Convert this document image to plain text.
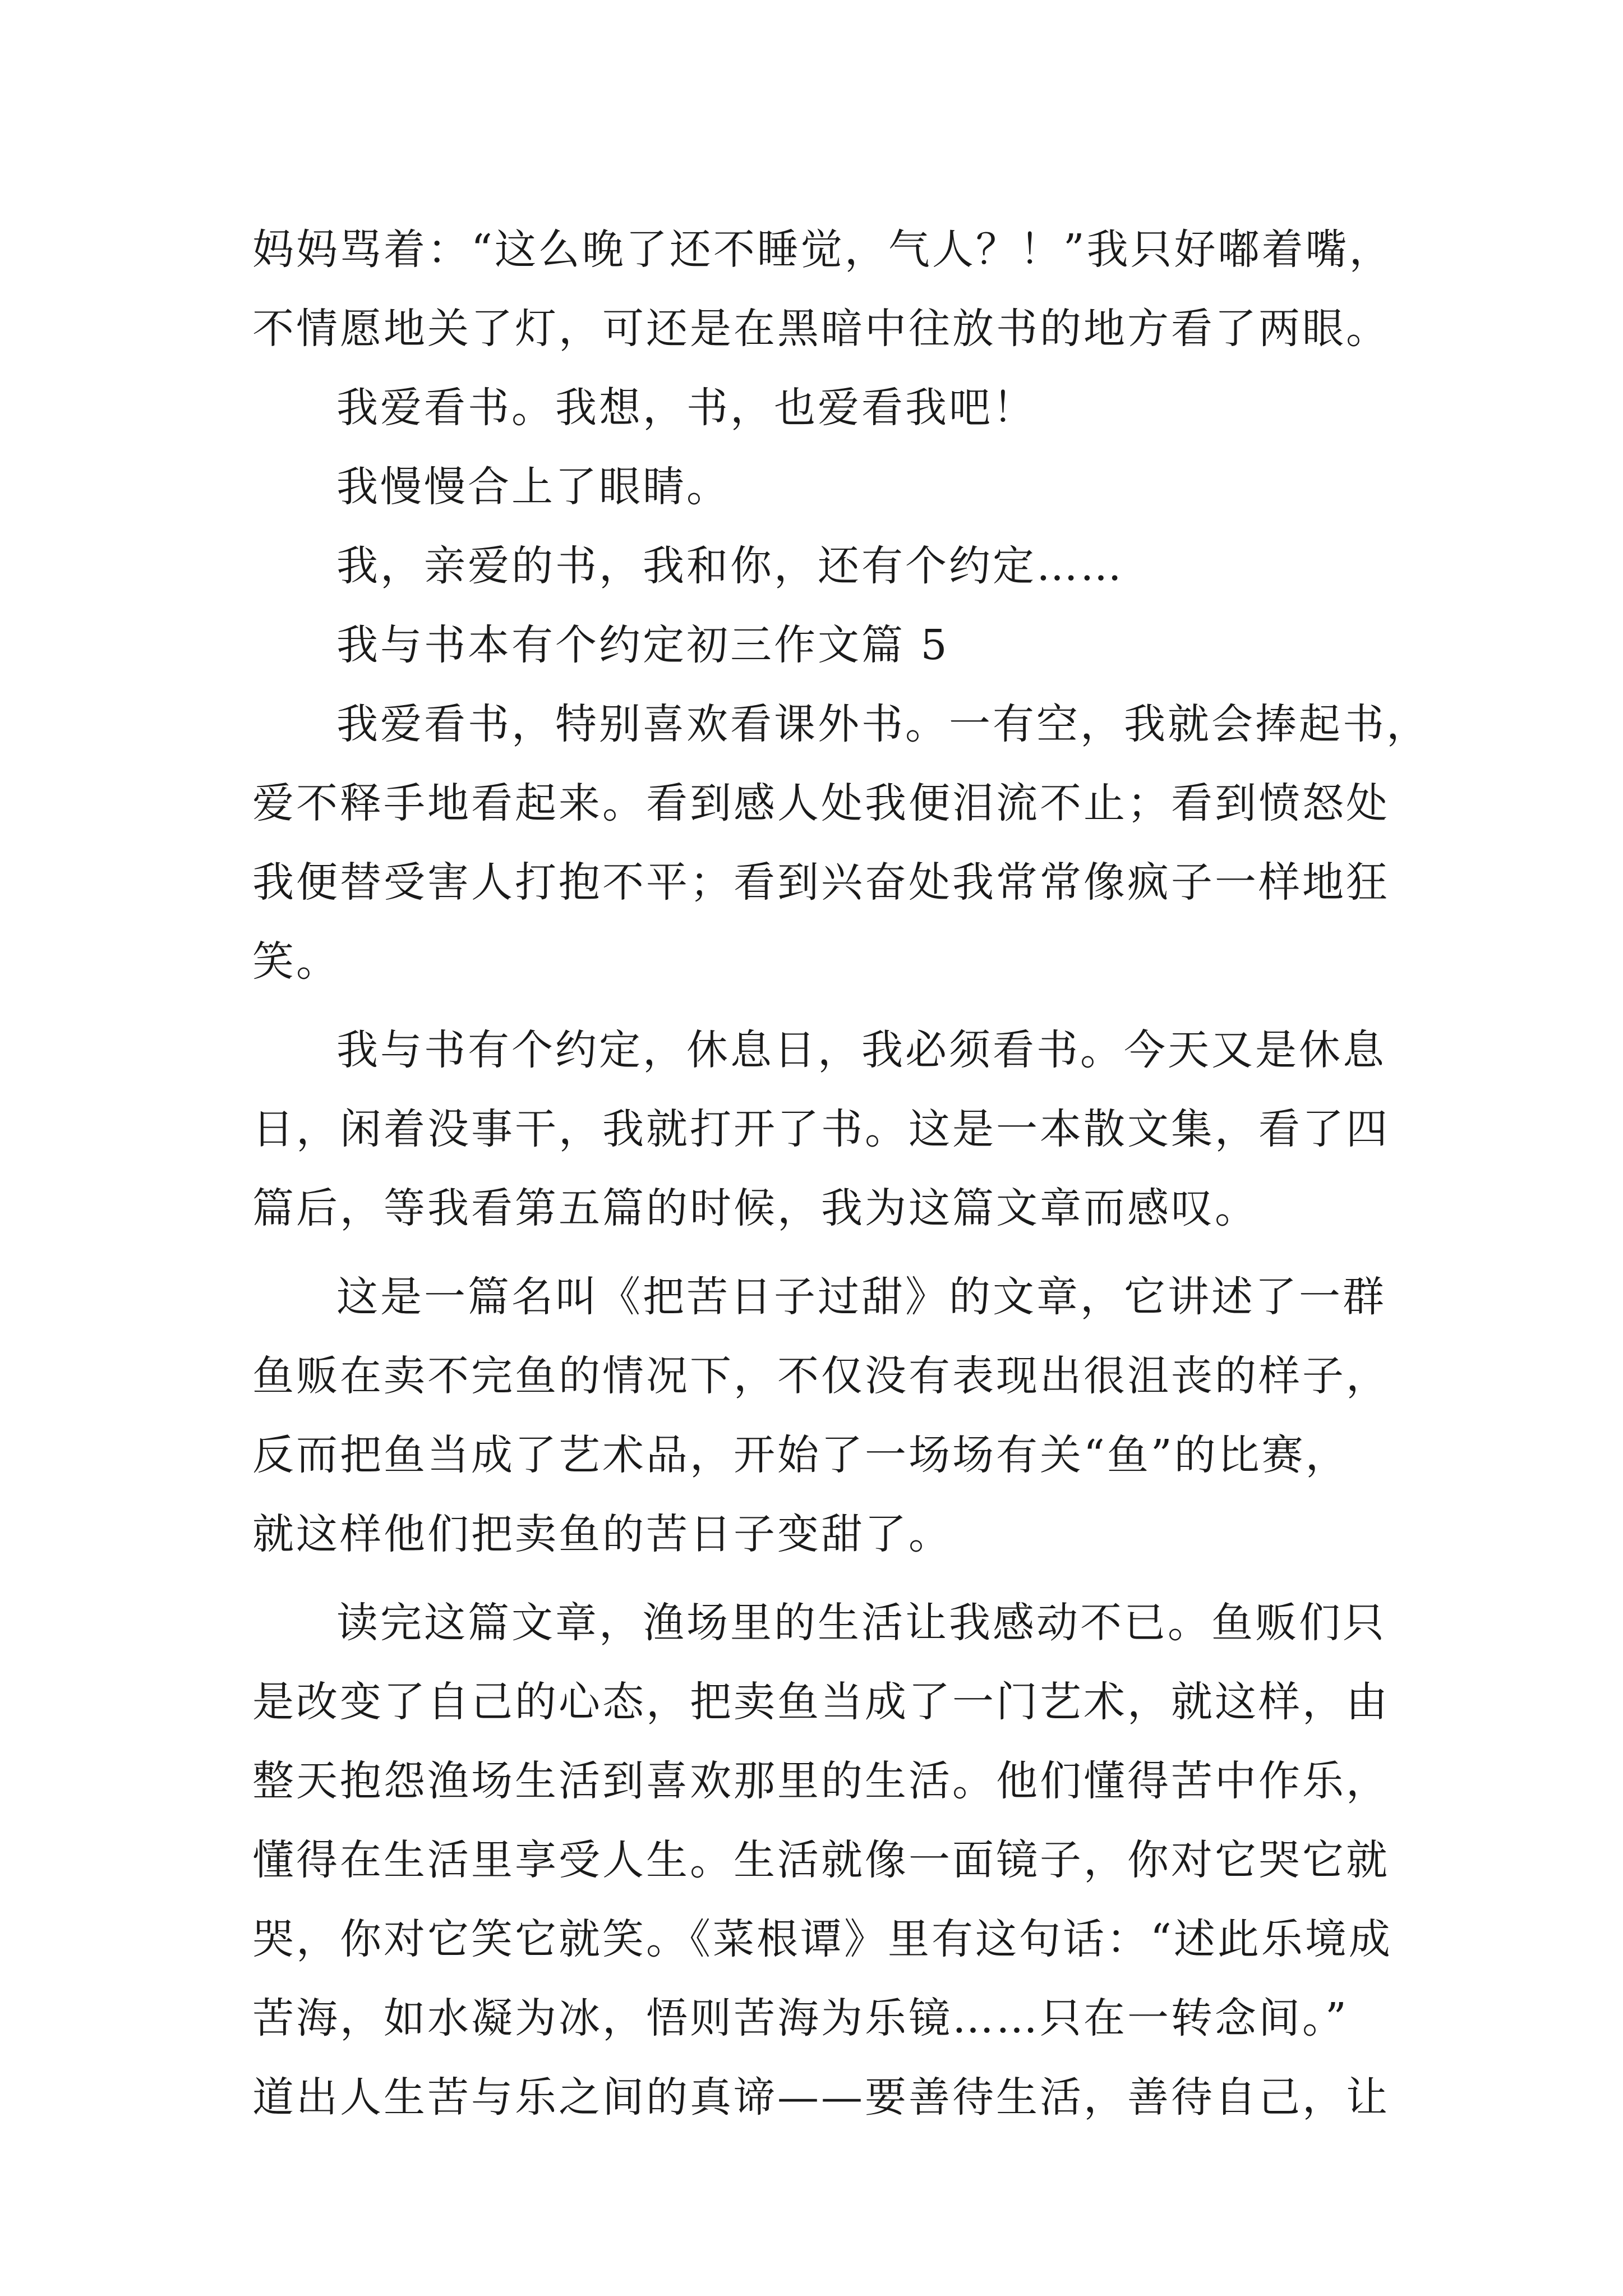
妈妈骂着：“这么晚了还不睡觉，气人？！”我只好嘟着嘴，
不情愿地关了灯，可还是在黑暗中往放书的地方看了两眼。
我爱看书。我想，书，也爱看我吧！
我慢慢合上了眼睛。
我，亲爱的书，我和你，还有个约定……
我与书本有个约定初三作文篇 5
我爱看书，特别喜欢看课外书。一有空，我就会捧起书，
爱不释手地看起来。看到感人处我便泪流不止；看到愤怒处
我便替受害人打抱不平；看到兴奋处我常常像疯子一样地狂
笑。
我与书有个约定，休息日，我必须看书。今天又是休息
日，闲着没事干，我就打开了书。这是一本散文集，看了四
篇后，等我看第五篇的时候，我为这篇文章而感叹。
这是一篇名叫《把苦日子过甜》的文章，它讲述了一群
鱼贩在卖不完鱼的情况下，不仅没有表现出很沮丧的样子，
反而把鱼当成了艺术品，开始了一场场有关“鱼”的比赛，
就这样他们把卖鱼的苦日子变甜了。
读完这篇文章，渔场里的生活让我感动不已。鱼贩们只
是改变了自己的心态，把卖鱼当成了一门艺术，就这样，由
整天抱怨渔场生活到喜欢那里的生活。他们懂得苦中作乐，
懂得在生活里享受人生。生活就像一面镜子，你对它哭它就
哭，你对它笑它就笑。《菜根谭》里有这句话：“述此乐境成
苦海，如水凝为冰，悟则苦海为乐镜……只在一转念间。”
道出人生苦与乐之间的真谛——要善待生活，善待自己，让
